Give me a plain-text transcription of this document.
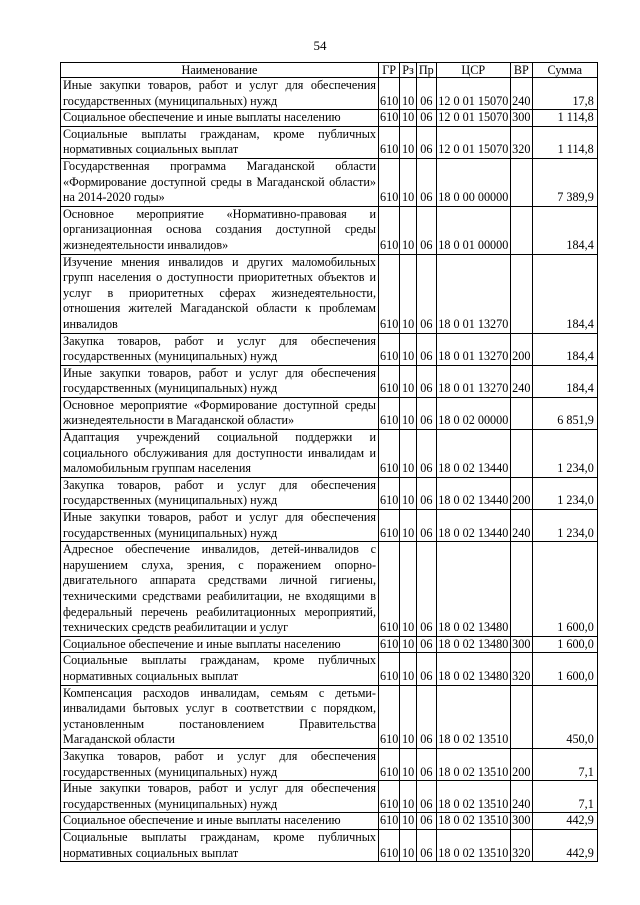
54
Наименование	ГР	Рз	Пр	ЦСР	ВР	Сумма
Иные закупки товаров, работ и услуг для обеспечения государственных (муниципальных) нужд	610	10	06	12 0 01 15070	240	17,8
Социальное обеспечение и иные выплаты населению	610	10	06	12 0 01 15070	300	1 114,8
Социальные выплаты гражданам, кроме публичных нормативных социальных выплат	610	10	06	12 0 01 15070	320	1 114,8
Государственная программа Магаданской области «Формирование доступной среды в Магаданской области» на 2014-2020 годы»	610	10	06	18 0 00 00000		7 389,9
Основное мероприятие «Нормативно-правовая и организационная основа создания доступной среды жизнедеятельности инвалидов»	610	10	06	18 0 01 00000		184,4
Изучение мнения инвалидов и других маломобильных групп населения о доступности приоритетных объектов и услуг в приоритетных сферах жизнедеятельности, отношения жителей Магаданской области к проблемам инвалидов	610	10	06	18 0 01 13270		184,4
Закупка товаров, работ и услуг для обеспечения государственных (муниципальных) нужд	610	10	06	18 0 01 13270	200	184,4
Иные закупки товаров, работ и услуг для обеспечения государственных (муниципальных) нужд	610	10	06	18 0 01 13270	240	184,4
Основное мероприятие «Формирование доступной среды жизнедеятельности в Магаданской области»	610	10	06	18 0 02 00000		6 851,9
Адаптация учреждений социальной поддержки и социального обслуживания для доступности инвалидам и маломобильным группам населения	610	10	06	18 0 02 13440		1 234,0
Закупка товаров, работ и услуг для обеспечения государственных (муниципальных) нужд	610	10	06	18 0 02 13440	200	1 234,0
Иные закупки товаров, работ и услуг для обеспечения государственных (муниципальных) нужд	610	10	06	18 0 02 13440	240	1 234,0
Адресное обеспечение инвалидов, детей-инвалидов с нарушением слуха, зрения, с поражением опорно-двигательного аппарата средствами личной гигиены, техническими средствами реабилитации, не входящими в федеральный перечень реабилитационных мероприятий, технических средств реабилитации и услуг	610	10	06	18 0 02 13480		1 600,0
Социальное обеспечение и иные выплаты населению	610	10	06	18 0 02 13480	300	1 600,0
Социальные выплаты гражданам, кроме публичных нормативных социальных выплат	610	10	06	18 0 02 13480	320	1 600,0
Компенсация расходов инвалидам, семьям с детьми-инвалидами бытовых услуг в соответствии с порядком, установленным постановлением Правительства Магаданской области	610	10	06	18 0 02 13510		450,0
Закупка товаров, работ и услуг для обеспечения государственных (муниципальных) нужд	610	10	06	18 0 02 13510	200	7,1
Иные закупки товаров, работ и услуг для обеспечения государственных (муниципальных) нужд	610	10	06	18 0 02 13510	240	7,1
Социальное обеспечение и иные выплаты населению	610	10	06	18 0 02 13510	300	442,9
Социальные выплаты гражданам, кроме публичных нормативных социальных выплат	610	10	06	18 0 02 13510	320	442,9
